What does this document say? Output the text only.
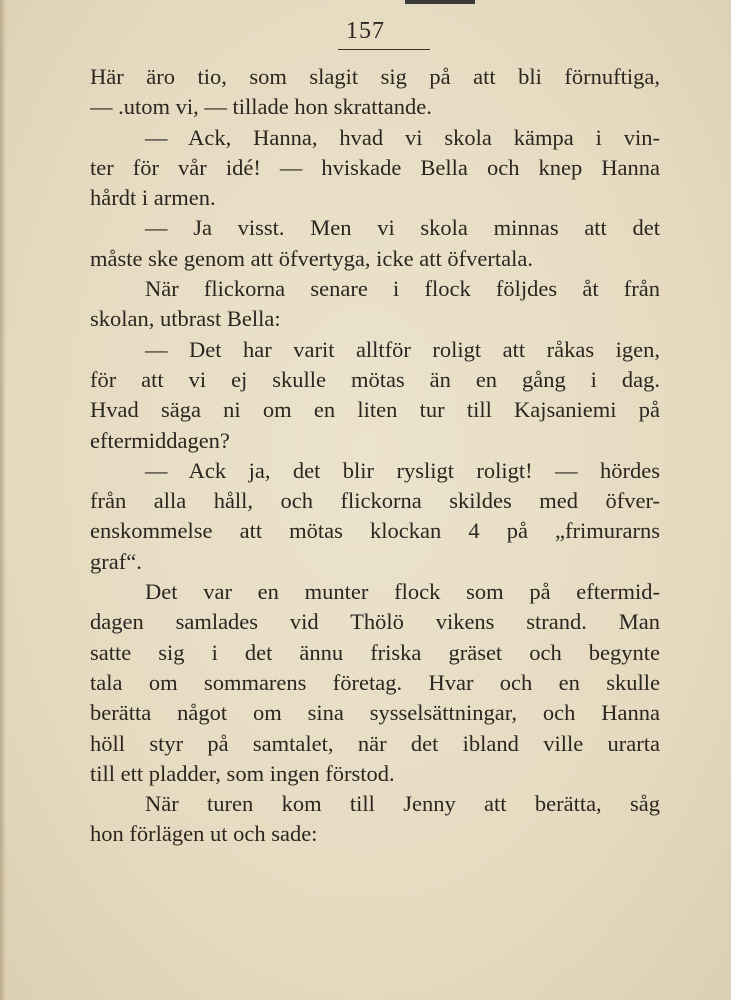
157
Här äro tio, som slagit sig på att bli förnuftiga,
— .utom vi, — tillade hon skrattande.
— Ack, Hanna, hvad vi skola kämpa i vin-
ter för vår idé! — hviskade Bella och knep Hanna
hårdt i armen.
— Ja visst. Men vi skola minnas att det
måste ske genom att öfvertyga, icke att öfvertala.
När flickorna senare i flock följdes åt från
skolan, utbrast Bella:
— Det har varit alltför roligt att råkas igen,
för att vi ej skulle mötas än en gång i dag.
Hvad säga ni om en liten tur till Kajsaniemi på
eftermiddagen?
— Ack ja, det blir rysligt roligt! — hördes
från alla håll, och flickorna skildes med öfver-
enskommelse att mötas klockan 4 på „frimurarns
graf“.
Det var en munter flock som på eftermid-
dagen samlades vid Thölö vikens strand. Man
satte sig i det ännu friska gräset och begynte
tala om sommarens företag. Hvar och en skulle
berätta något om sina sysselsättningar, och Hanna
höll styr på samtalet, när det ibland ville urarta
till ett pladder, som ingen förstod.
När turen kom till Jenny att berätta, såg
hon förlägen ut och sade:
